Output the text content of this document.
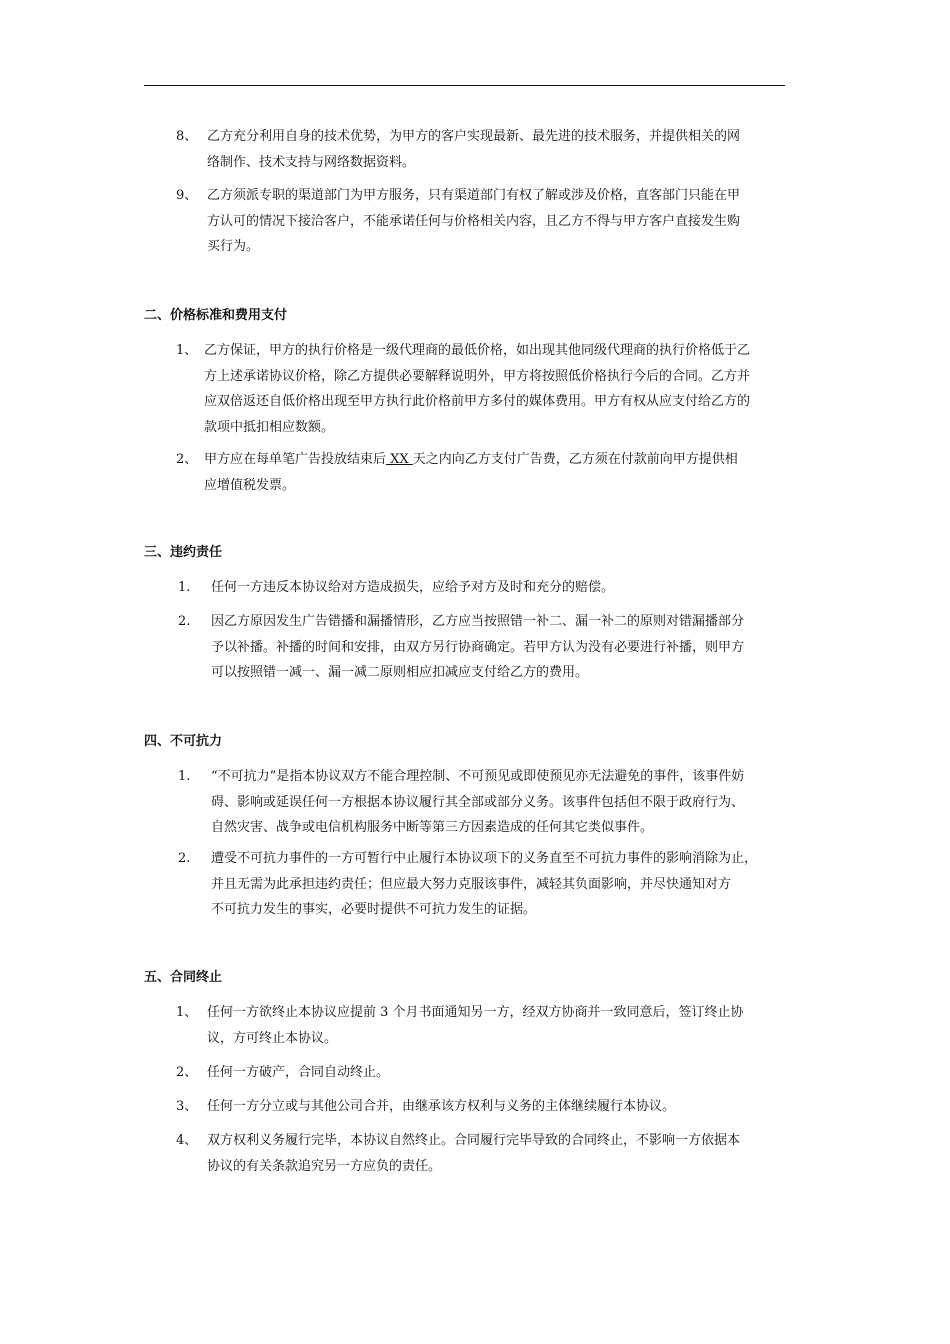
8、 乙方充分利用自身的技术优势，为甲方的客户实现最新、最先进的技术服务，并提供相关的网
络制作、技术支持与网络数据资料。
9、 乙方须派专职的渠道部门为甲方服务，只有渠道部门有权了解或涉及价格，直客部门只能在甲
方认可的情况下接洽客户，不能承诺任何与价格相关内容，且乙方不得与甲方客户直接发生购
买行为。
二、价格标准和费用支付
1、 乙方保证，甲方的执行价格是一级代理商的最低价格，如出现其他同级代理商的执行价格低于乙
方上述承诺协议价格，除乙方提供必要解释说明外，甲方将按照低价格执行今后的合同。乙方并
应双倍返还自低价格出现至甲方执行此价格前甲方多付的媒体费用。甲方有权从应支付给乙方的
款项中抵扣相应数额。
2、 甲方应在每单笔广告投放结束后 XX 天之内向乙方支付广告费，乙方须在付款前向甲方提供相
应增值税发票。
三、违约责任
1. 任何一方违反本协议给对方造成损失，应给予对方及时和充分的赔偿。
2. 因乙方原因发生广告错播和漏播情形，乙方应当按照错一补二、漏一补二的原则对错漏播部分
予以补播。补播的时间和安排，由双方另行协商确定。若甲方认为没有必要进行补播，则甲方
可以按照错一减一、漏一减二原则相应扣减应支付给乙方的费用。
四、不可抗力
1. “不可抗力”是指本协议双方不能合理控制、不可预见或即使预见亦无法避免的事件，该事件妨
碍、影响或延误任何一方根据本协议履行其全部或部分义务。该事件包括但不限于政府行为、
自然灾害、战争或电信机构服务中断等第三方因素造成的任何其它类似事件。
2. 遭受不可抗力事件的一方可暂行中止履行本协议项下的义务直至不可抗力事件的影响消除为止，
并且无需为此承担违约责任；但应最大努力克服该事件，减轻其负面影响，并尽快通知对方
不可抗力发生的事实，必要时提供不可抗力发生的证据。
五、合同终止
1、 任何一方欲终止本协议应提前 3 个月书面通知另一方，经双方协商并一致同意后，签订终止协
议，方可终止本协议。
2、 任何一方破产，合同自动终止。
3、 任何一方分立或与其他公司合并，由继承该方权利与义务的主体继续履行本协议。
4、 双方权利义务履行完毕，本协议自然终止。合同履行完毕导致的合同终止，不影响一方依据本
协议的有关条款追究另一方应负的责任。
